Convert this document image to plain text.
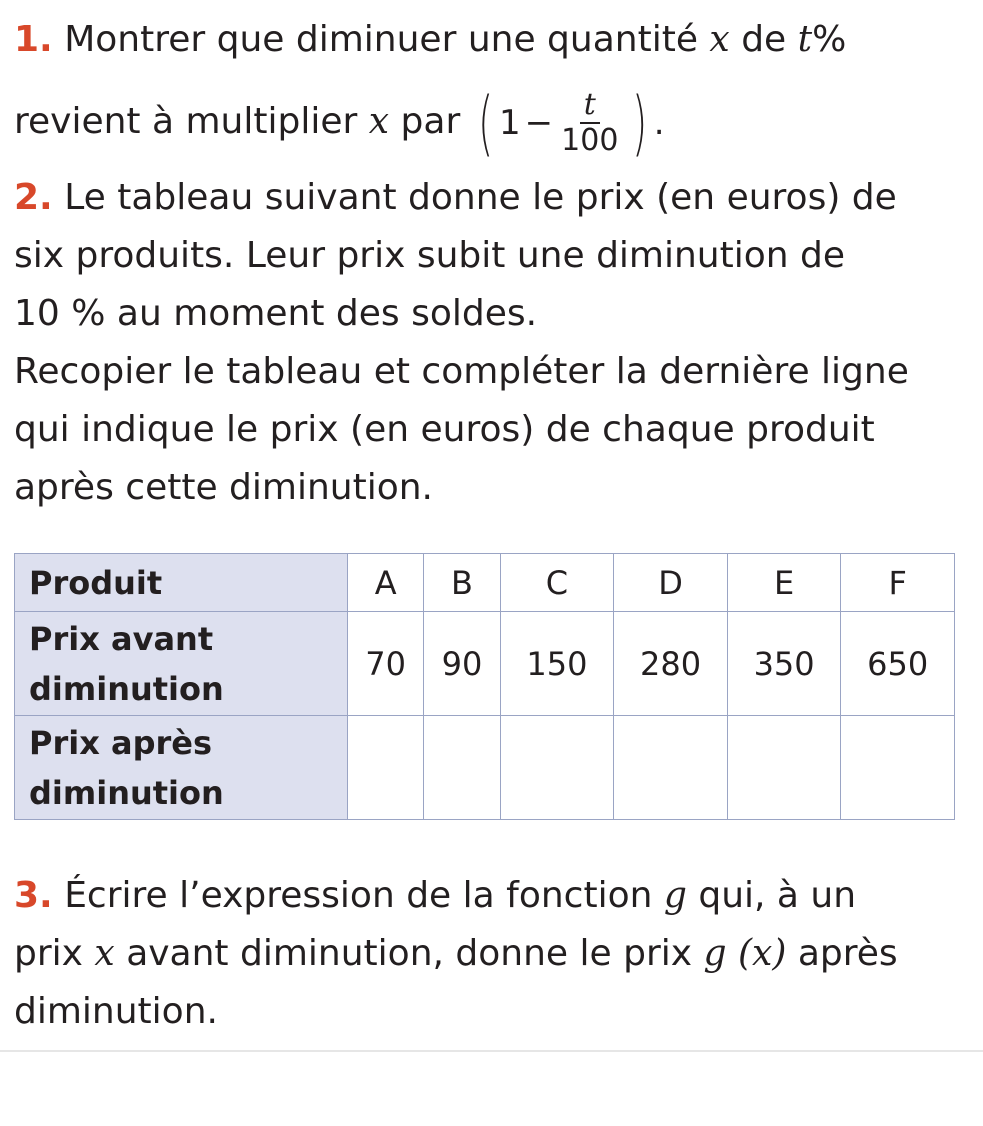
1. Montrer que diminuer une quantité x de t%
revient à multiplier x par ( $1 - \frac{t}{100}$ ) .
2. Le tableau suivant donne le prix (en euros) de
six produits. Leur prix subit une diminution de
10 % au moment des soldes.
Recopier le tableau et compléter la dernière ligne
qui indique le prix (en euros) de chaque produit
après cette diminution.
Produit	A	B	C	D	E	F

Prix avant
diminution	70	90	150	280	350	650

Prix après
diminution						

3. Écrire l’expression de la fonction g qui, à un
prix x avant diminution, donne le prix g (x) après
diminution.
